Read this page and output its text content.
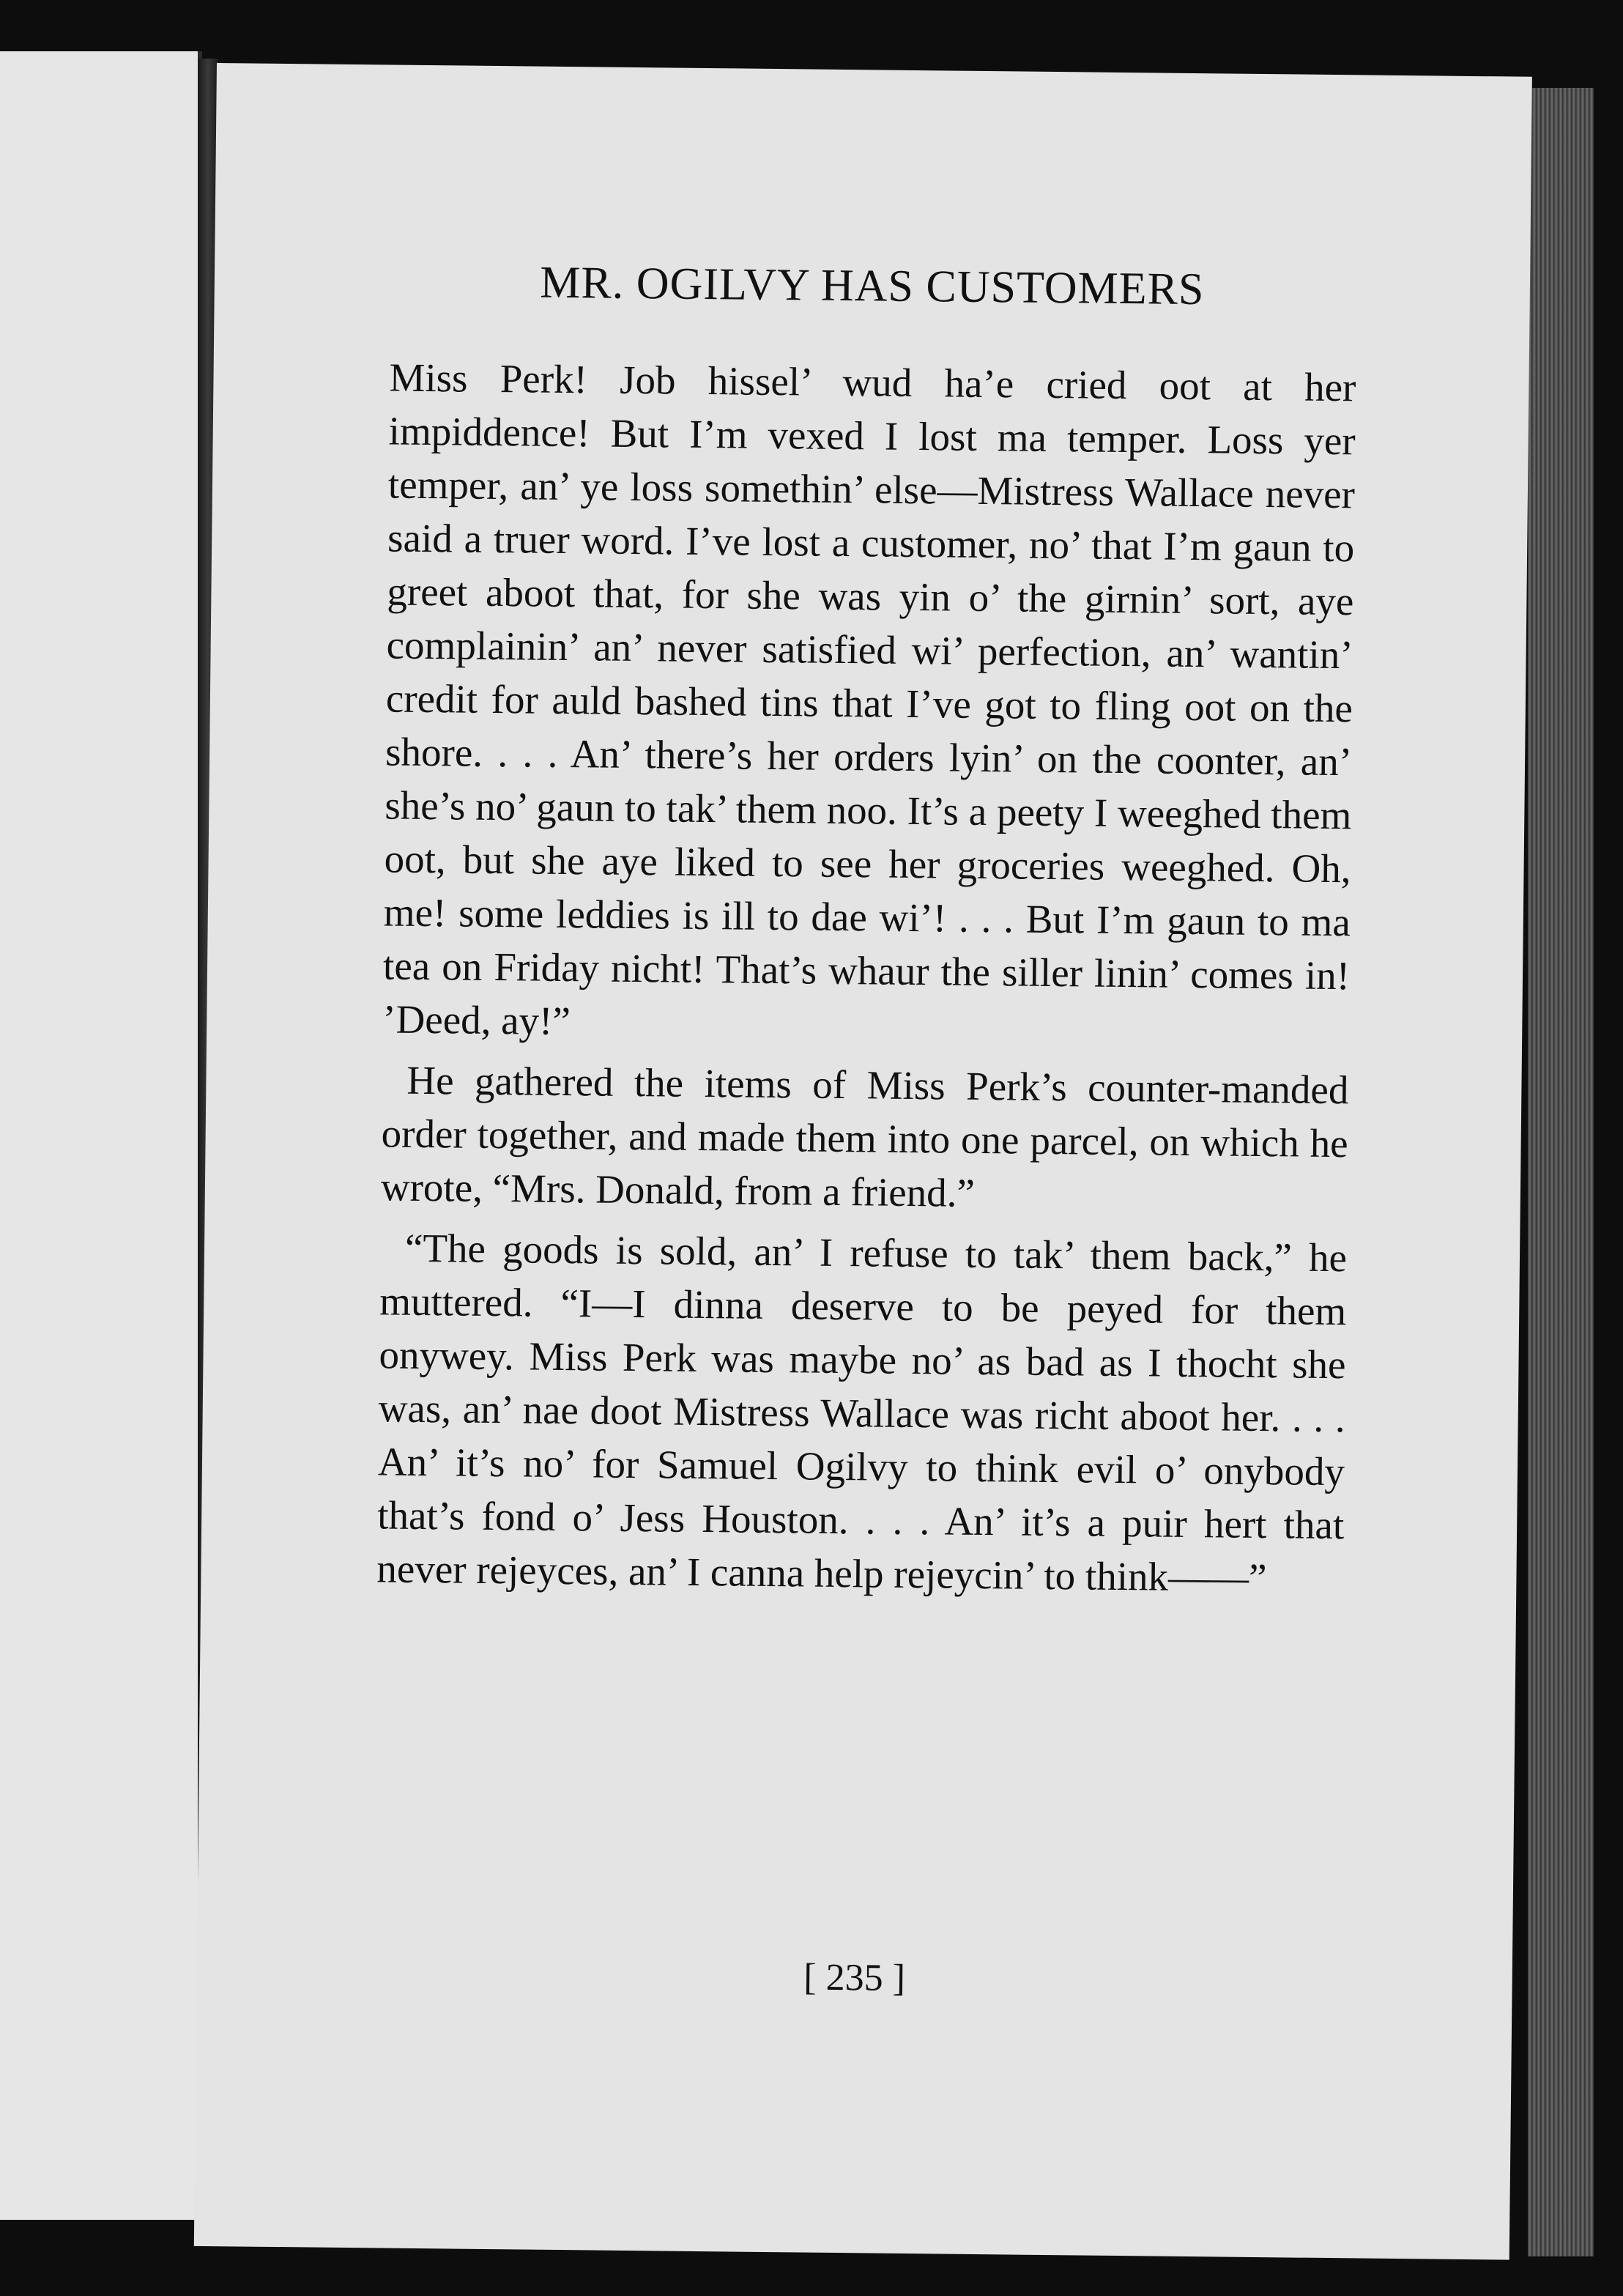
MR. OGILVY HAS CUSTOMERS

Miss Perk! Job hissel’ wud ha’e cried oot at her impiddence! But I’m vexed I lost ma temper. Loss yer temper, an’ ye loss somethin’ else—Mistress Wallace never said a truer word. I’ve lost a customer, no’ that I’m gaun to greet aboot that, for she was yin o’ the girnin’ sort, aye complainin’ an’ never satisfied wi’ perfection, an’ wantin’ credit for auld bashed tins that I’ve got to fling oot on the shore. . . . An’ there’s her orders lyin’ on the coonter, an’ she’s no’ gaun to tak’ them noo. It’s a peety I weeghed them oot, but she aye liked to see her groceries weeghed. Oh, me! some leddies is ill to dae wi’! . . . But I’m gaun to ma tea on Friday nicht! That’s whaur the siller linin’ comes in! ’Deed, ay!”

He gathered the items of Miss Perk’s counter-manded order together, and made them into one parcel, on which he wrote, “Mrs. Donald, from a friend.”

“The goods is sold, an’ I refuse to tak’ them back,” he muttered. “I—I dinna deserve to be peyed for them onywey. Miss Perk was maybe no’ as bad as I thocht she was, an’ nae doot Mistress Wallace was richt aboot her. . . . An’ it’s no’ for Samuel Ogilvy to think evil o’ onybody that’s fond o’ Jess Houston. . . . An’ it’s a puir hert that never rejeyces, an’ I canna help rejeycin’ to think——”

[ 235 ]
